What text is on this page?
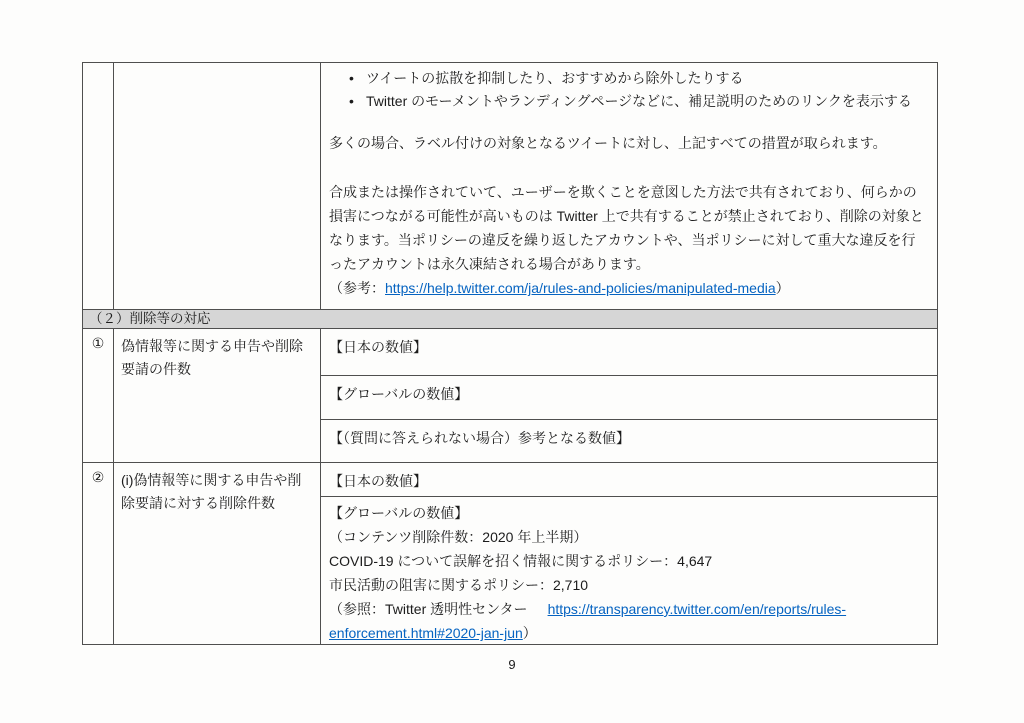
• ツイートの拡散を抑制したり、おすすめから除外したりする
• Twitter のモーメントやランディングページなどに、補足説明のためのリンクを表示する
多くの場合、ラベル付けの対象となるツイートに対し、上記すべての措置が取られます。
合成または操作されていて、ユーザーを欺くことを意図した方法で共有されており、何らかの損害につながる可能性が高いものは Twitter 上で共有することが禁止されており、削除の対象となります。当ポリシーの違反を繰り返したアカウントや、当ポリシーに対して重大な違反を行ったアカウントは永久凍結される場合があります。
（参考：https://help.twitter.com/ja/rules-and-policies/manipulated-media）
（２）削除等の対応
①	偽情報等に関する申告や削除要請の件数
【日本の数値】
【グローバルの数値】
【（質問に答えられない場合）参考となる数値】
②	(i)偽情報等に関する申告や削除要請に対する削除件数
【日本の数値】
【グローバルの数値】
（コンテンツ削除件数：2020 年上半期）
COVID-19 について誤解を招く情報に関するポリシー：4,647
市民活動の阻害に関するポリシー：2,710
（参照：Twitter 透明性センター https://transparency.twitter.com/en/reports/rules-
enforcement.html#2020-jan-jun）
9
